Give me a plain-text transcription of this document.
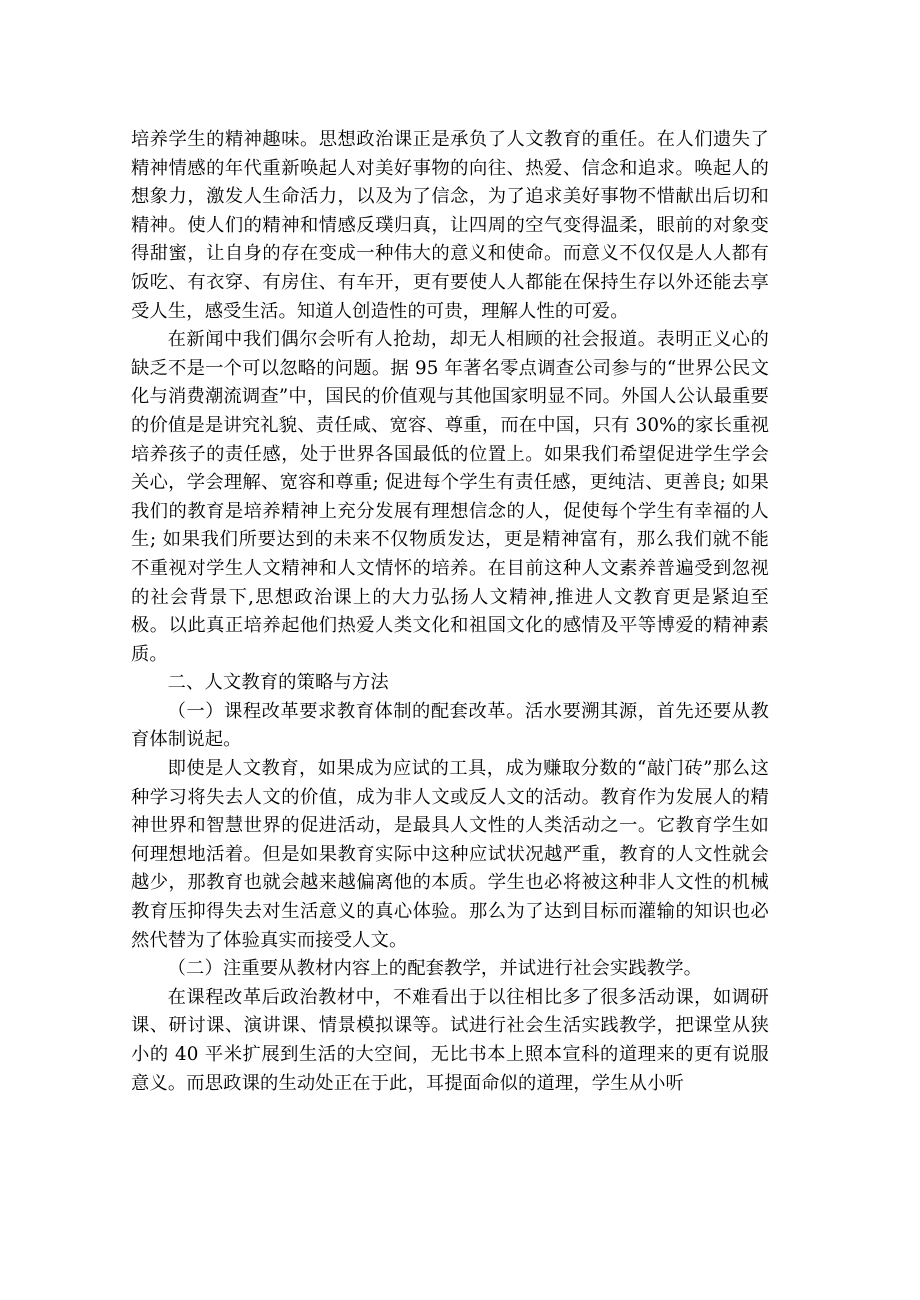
培养学生的精神趣味。思想政治课正是承负了人文教育的重任。在人们遗失了精神情感的年代重新唤起人对美好事物的向往、热爱、信念和追求。唤起人的想象力，激发人生命活力，以及为了信念，为了追求美好事物不惜献出后切和精神。使人们的精神和情感反璞归真，让四周的空气变得温柔，眼前的对象变得甜蜜，让自身的存在变成一种伟大的意义和使命。而意义不仅仅是人人都有饭吃、有衣穿、有房住、有车开，更有要使人人都能在保持生存以外还能去享受人生，感受生活。知道人创造性的可贵，理解人性的可爱。

在新闻中我们偶尔会听有人抢劫，却无人相顾的社会报道。表明正义心的缺乏不是一个可以忽略的问题。据 95 年著名零点调查公司参与的“世界公民文化与消费潮流调查”中，国民的价值观与其他国家明显不同。外国人公认最重要的价值是是讲究礼貌、责任咸、宽容、尊重，而在中国，只有 30%的家长重视培养孩子的责任感，处于世界各国最低的位置上。如果我们希望促进学生学会关心，学会理解、宽容和尊重; 促进每个学生有责任感，更纯洁、更善良; 如果我们的教育是培养精神上充分发展有理想信念的人，促使每个学生有幸福的人生; 如果我们所要达到的未来不仅物质发达，更是精神富有，那么我们就不能不重视对学生人文精神和人文情怀的培养。在目前这种人文素养普遍受到忽视的社会背景下,思想政治课上的大力弘扬人文精神,推进人文教育更是紧迫至极。以此真正培养起他们热爱人类文化和祖国文化的感情及平等博爱的精神素质。

二、人文教育的策略与方法

（一）课程改革要求教育体制的配套改革。活水要溯其源，首先还要从教育体制说起。

即使是人文教育，如果成为应试的工具，成为赚取分数的“敲门砖”那么这种学习将失去人文的价值，成为非人文或反人文的活动。教育作为发展人的精神世界和智慧世界的促进活动，是最具人文性的人类活动之一。它教育学生如何理想地活着。但是如果教育实际中这种应试状况越严重，教育的人文性就会越少，那教育也就会越来越偏离他的本质。学生也必将被这种非人文性的机械教育压抑得失去对生活意义的真心体验。那么为了达到目标而灌输的知识也必然代替为了体验真实而接受人文。

（二）注重要从教材内容上的配套教学，并试进行社会实践教学。

在课程改革后政治教材中，不难看出于以往相比多了很多活动课，如调研课、研讨课、演讲课、情景模拟课等。试进行社会生活实践教学，把课堂从狭小的 40 平米扩展到生活的大空间，无比书本上照本宣科的道理来的更有说服意义。而思政课的生动处正在于此，耳提面命似的道理，学生从小听
